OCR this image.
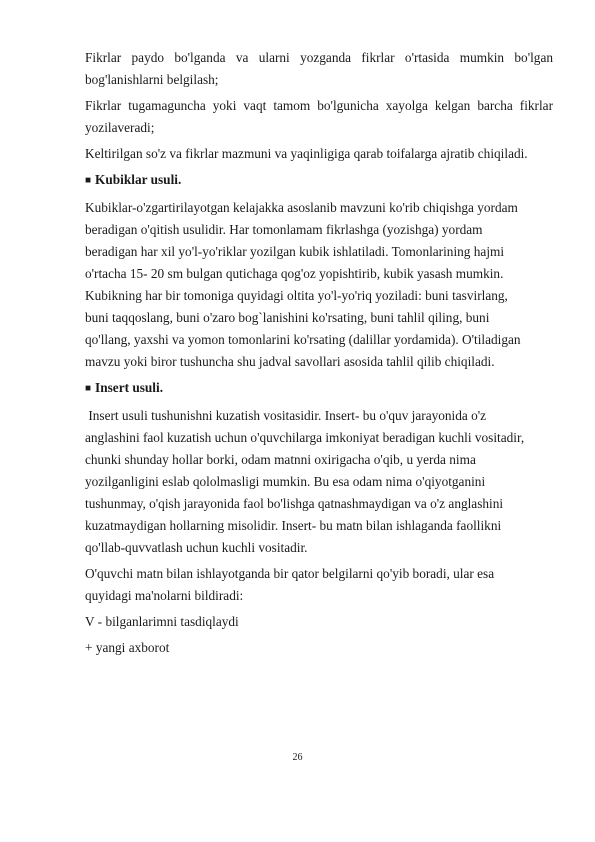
Fikrlar paydo bo'lganda va ularni yozganda fikrlar o'rtasida mumkin bo'lgan
bog'lanishlarni belgilash;
Fikrlar tugamaguncha yoki vaqt tamom bo'lgunicha xayolga kelgan barcha fikrlar
yozilaveradi;
Keltirilgan so'z va fikrlar mazmuni va yaqinligiga qarab toifalarga ajratib chiqiladi.
■ Kubiklar usuli.
Kubiklar-o'zgartirilayotgan kelajakka asoslanib mavzuni ko'rib chiqishga yordam
beradigan o'qitish usulidir. Har tomonlamam fikrlashga (yozishga) yordam
beradigan har xil yo'l-yo'riklar yozilgan kubik ishlatiladi. Tomonlarining hajmi
o'rtacha 15- 20 sm bulgan qutichaga qog'oz yopishtirib, kubik yasash mumkin.
Kubikning har bir tomoniga quyidagi oltita yo'l-yo'riq yoziladi: buni tasvirlang,
buni taqqoslang, buni o'zaro bog`lanishini ko'rsating, buni tahlil qiling, buni
qo'llang, yaxshi va yomon tomonlarini ko'rsating (dalillar yordamida). O'tiladigan
mavzu yoki biror tushuncha shu jadval savollari asosida tahlil qilib chiqiladi.
■ Insert usuli.
Insert usuli tushunishni kuzatish vositasidir. Insert- bu o'quv jarayonida o'z
anglashini faol kuzatish uchun o'quvchilarga imkoniyat beradigan kuchli vositadir,
chunki shunday hollar borki, odam matnni oxirigacha o'qib, u yerda nima
yozilganligini eslab qololmasligi mumkin. Bu esa odam nima o'qiyotganini
tushunmay, o'qish jarayonida faol bo'lishga qatnashmaydigan va o'z anglashini
kuzatmaydigan hollarning misolidir. Insert- bu matn bilan ishlaganda faollikni
qo'llab-quvvatlash uchun kuchli vositadir.
O'quvchi matn bilan ishlayotganda bir qator belgilarni qo'yib boradi, ular esa
quyidagi ma'nolarni bildiradi:
V - bilganlarimni tasdiqlaydi
+ yangi axborot
26
